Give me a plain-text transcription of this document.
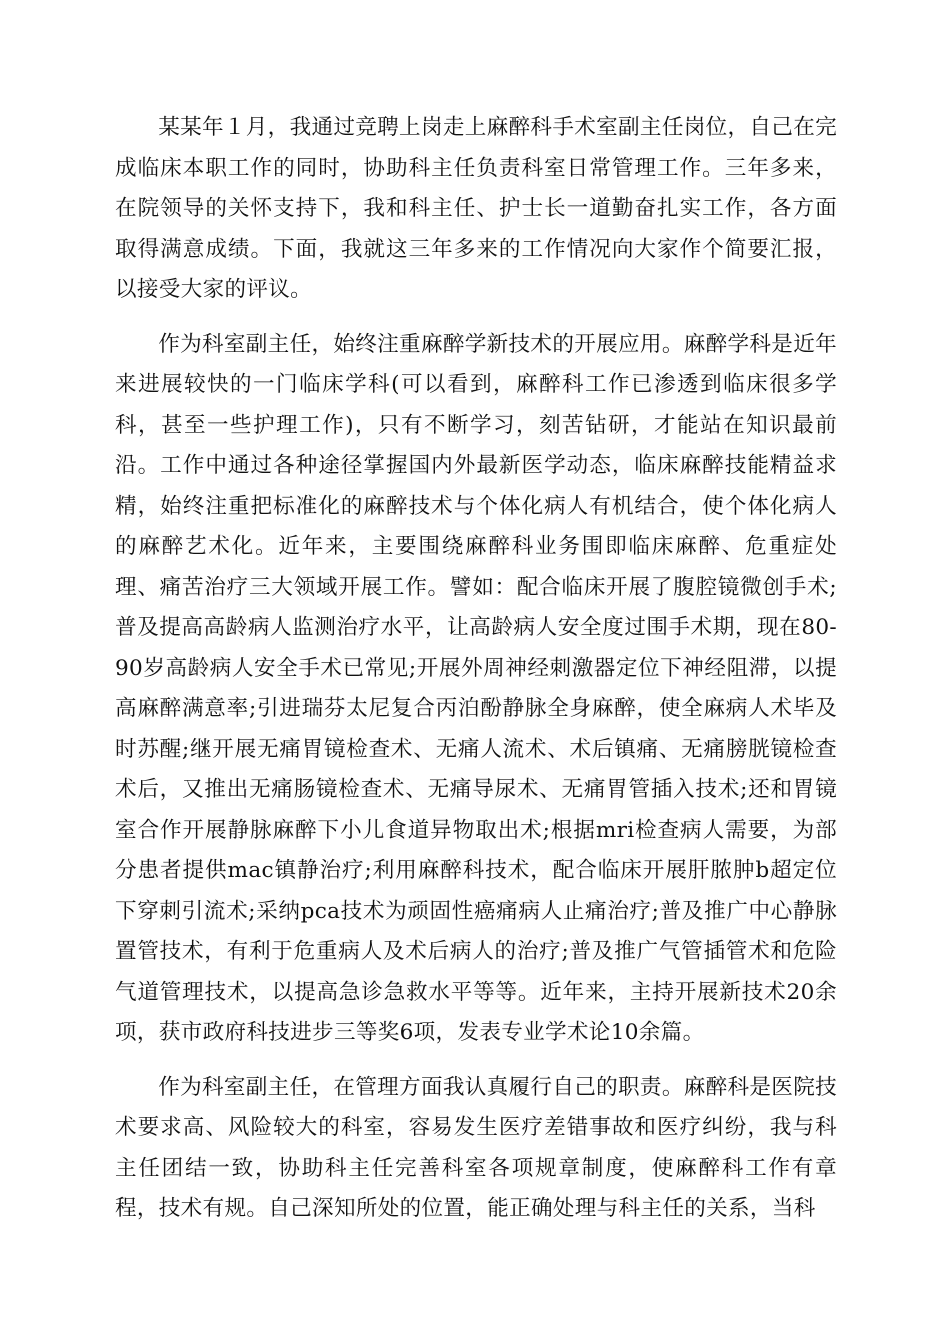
某某年１月，我通过竞聘上岗走上麻醉科手术室副主任岗位，自己在完成临床本职工作的同时，协助科主任负责科室日常管理工作。三年多来，在院领导的关怀支持下，我和科主任、护士长一道勤奋扎实工作，各方面取得满意成绩。下面，我就这三年多来的工作情况向大家作个简要汇报，以接受大家的评议。

作为科室副主任，始终注重麻醉学新技术的开展应用。麻醉学科是近年来进展较快的一门临床学科(可以看到，麻醉科工作已渗透到临床很多学科，甚至一些护理工作)，只有不断学习，刻苦钻研，才能站在知识最前沿。工作中通过各种途径掌握国内外最新医学动态，临床麻醉技能精益求精，始终注重把标准化的麻醉技术与个体化病人有机结合，使个体化病人的麻醉艺术化。近年来，主要围绕麻醉科业务围即临床麻醉、危重症处理、痛苦治疗三大领域开展工作。譬如：配合临床开展了腹腔镜微创手术;普及提高高龄病人监测治疗水平，让高龄病人安全度过围手术期，现在80-90岁高龄病人安全手术已常见;开展外周神经刺激器定位下神经阻滞，以提高麻醉满意率;引进瑞芬太尼复合丙泊酚静脉全身麻醉，使全麻病人术毕及时苏醒;继开展无痛胃镜检查术、无痛人流术、术后镇痛、无痛膀胱镜检查术后，又推出无痛肠镜检查术、无痛导尿术、无痛胃管插入技术;还和胃镜室合作开展静脉麻醉下小儿食道异物取出术;根据mri检查病人需要，为部分患者提供mac镇静治疗;利用麻醉科技术，配合临床开展肝脓肿b超定位下穿刺引流术;采纳pca技术为顽固性癌痛病人止痛治疗;普及推广中心静脉置管技术，有利于危重病人及术后病人的治疗;普及推广气管插管术和危险气道管理技术，以提高急诊急救水平等等。近年来，主持开展新技术20余项，获市政府科技进步三等奖6项，发表专业学术论10余篇。

作为科室副主任，在管理方面我认真履行自己的职责。麻醉科是医院技术要求高、风险较大的科室，容易发生医疗差错事故和医疗纠纷，我与科主任团结一致，协助科主任完善科室各项规章制度，使麻醉科工作有章程，技术有规。自己深知所处的位置，能正确处理与科主任的关系，当科
